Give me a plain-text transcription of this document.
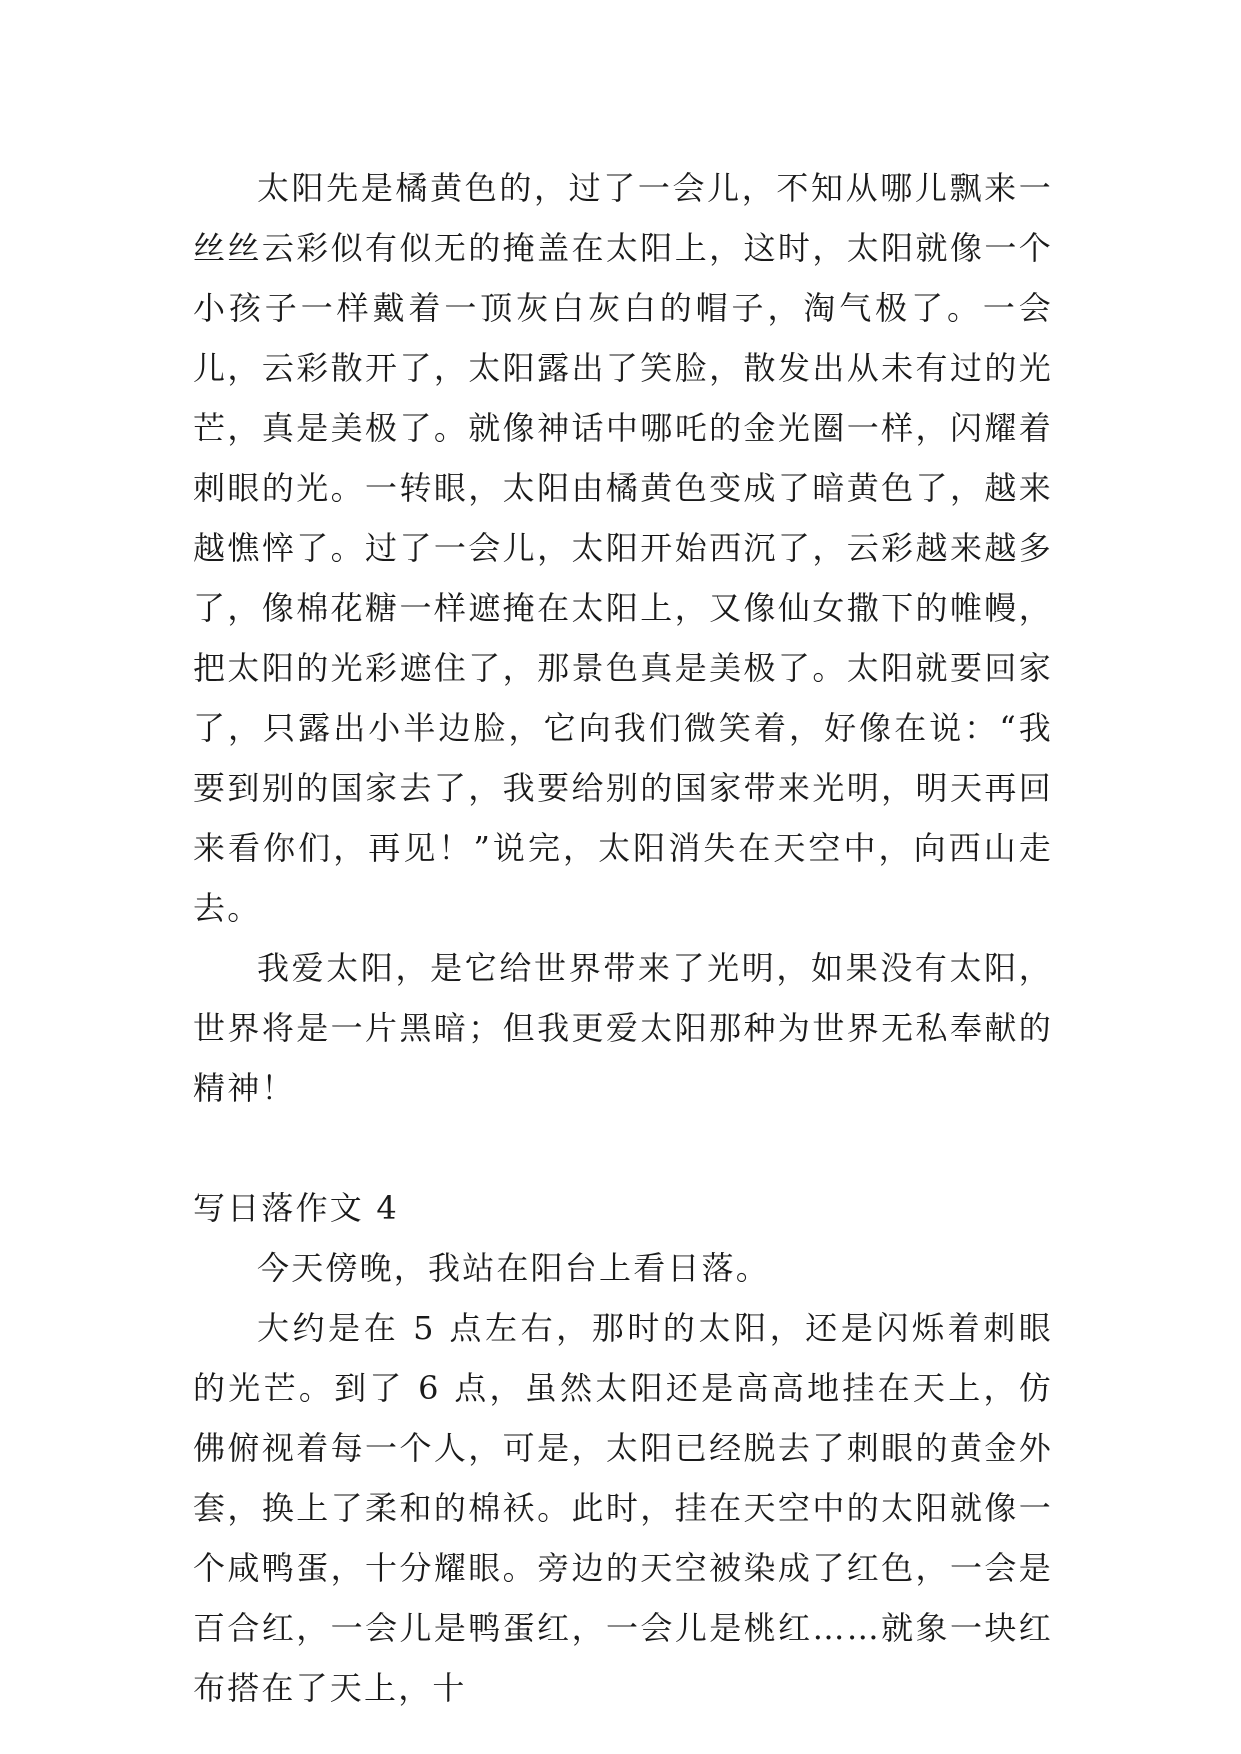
太阳先是橘黄色的，过了一会儿，不知从哪儿飘来一丝丝云彩似有似无的掩盖在太阳上，这时，太阳就像一个小孩子一样戴着一顶灰白灰白的帽子，淘气极了。一会儿，云彩散开了，太阳露出了笑脸，散发出从未有过的光芒，真是美极了。就像神话中哪吒的金光圈一样，闪耀着刺眼的光。一转眼，太阳由橘黄色变成了暗黄色了，越来越憔悴了。过了一会儿，太阳开始西沉了，云彩越来越多了，像棉花糖一样遮掩在太阳上，又像仙女撒下的帷幔，把太阳的光彩遮住了，那景色真是美极了。太阳就要回家了，只露出小半边脸，它向我们微笑着，好像在说：“我要到别的国家去了，我要给别的国家带来光明，明天再回来看你们，再见！”说完，太阳消失在天空中，向西山走去。

我爱太阳，是它给世界带来了光明，如果没有太阳，世界将是一片黑暗；但我更爱太阳那种为世界无私奉献的精神！

写日落作文 4

今天傍晚，我站在阳台上看日落。

大约是在 5 点左右，那时的太阳，还是闪烁着刺眼的光芒。到了 6 点，虽然太阳还是高高地挂在天上，仿佛俯视着每一个人，可是，太阳已经脱去了刺眼的黄金外套，换上了柔和的棉袄。此时，挂在天空中的太阳就像一个咸鸭蛋，十分耀眼。旁边的天空被染成了红色，一会是百合红，一会儿是鸭蛋红，一会儿是桃红……就象一块红布搭在了天上，十
